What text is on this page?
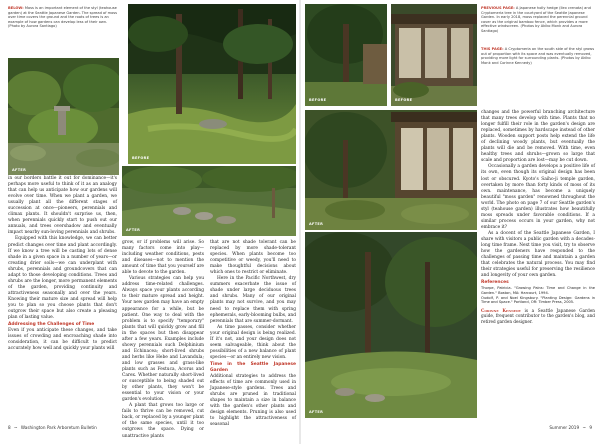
BELOW: Moss is an important element of the styl (teahouse garden) at the Seattle Japanese Garden. The spread of moss over time covers the ground and the roots of trees is an example of how gardens can develop less of their own. (Photo by Aurora Santiago)
BEFORE

in our borders battle it out for dominance—it's perhaps more useful to think of it as an analogy that can help us anticipate how our gardens will evolve over time. When we plant a garden, we usually plant all the different stages of succession at once—pioneers, perennials and climax plants. It shouldn't surprise us, then, when perennials quickly start to push out our annuals, and trees overshadow and eventually impact nearby sun-loving perennials and shrubs.

Equipped with this knowledge, we can better predict changes over time and plant accordingly. If we know a tree will be casting lots of dense shade in a given space in a number of years—or creating drier soils—we can underplant with shrubs, perennials and groundcovers that can adapt to those developing conditions. Trees and shrubs are the longer, more permanent elements of the garden, providing continuity and attractiveness seasonally and over the years. Knowing their mature size and spread will help you to plan so you choose plants that don't outgrow their space but also create a pleasing plan of lasting value.

Addressing the Challenges of Time

Even if you anticipate these changes, and take issues of crowding and encroaching shade into consideration, it can be difficult to predict accurately how well and quickly your plants will

grow, or if problems will arise. So many factors come into play—including weather conditions, pests and diseases—not to mention the amount of time that you yourself are able to devote to the garden.

Various strategies can help you address time-related challenges. Always space your plants according to their mature spread and height. Your new garden may have an empty appearance for a while, but be patient. One way to deal with the problem is to specify "temporary" plants that will quickly grow and fill in the spaces but then disappear after a few years. Examples include showy perennials such Delphinium and Echinacea; short-lived shrubs and herbs like Hebe and Lavandula; and low grasses and grass-like plants such as Festuca, Acorus and Carex. Whether naturally short-lived or susceptible to being shaded out by other plants, they won't be essential to your vision or your garden's evolution.

A plant that grows too large or fails to thrive can be removed, cut back, or replaced by a younger plant of the same species, until it too outgrows the space. Dying or unattractive plants

AFTER

that are not shade tolerant can be replaced by more shade-tolerant species. When plants become too competitive or weedy, you'll need to make thoughtful decisions about which ones to restrict or eliminate.

Here in the Pacific Northwest, dry summers exacerbate the issue of shade under large deciduous trees and shrubs. Many of our original plants may not survive, and you may need to replace them with spring ephemerals, early-blooming bulbs, and perennials that are summer-dormant.

As time passes, consider whether your original design is being realized. If it's not, and your design does not seem salvageable, think about the possibilities of a new balance of plant species—or an entirely new vision.

Time in the Seattle Japanese Garden

Additional strategies to address the effects of time are commonly used in Japanese-style gardens. Trees and shrubs are pruned in traditional shapes to maintain a size in balance with the garden's other plants and design elements. Pruning is also used to highlight the attractiveness of seasonal

8 ~ Washington Park Arboretum Bulletin
AFTER
BEFORE
PREVIOUS PAGE: A Japanese holly hedge (Ilex crenata) and Cryptomeria tree in the courtyard of the Seattle Japanese Garden. In early 2018, moss replaced the perennial ground cover as the original bamboo fence, which provides a more effective windscreen. (Photos by Akiko Monk and Aurora Santiago)
THIS PAGE: A Cryptomeria on the south side of the styl grows out of proportion with its space and was eventually removed, providing more light for surrounding plants. (Photos by Akiko Monk and Corinne Kennedy)
BEFORE
AFTER

changes and the powerful branching architecture that many trees develop with time. Plants that no longer fulfill their role in the garden's design are replaced, sometimes by hardscape instead of other plants. Wooden support posts help extend the life of declining woody plants, but eventually the plants will die and be removed. With time, even healthy trees and shrubs—grown so large that scale and proportion are lost—may be cut down.

Occasionally a garden develops a positive life of its own, even though its original design has been lost or obscured. Kyoto's Saiho-ji temple garden, overtaken by more than forty kinds of moss of its own. maintenance, has become a uniquely beautiful "moss garden" renowned throughout the world. The photo on page 7 of our Seattle garden's styl (teahouse garden) illustrates how beautifully moss spreads under favorable conditions. If a similar process occurs in your garden, why not embrace it?

As a docent of the Seattle Japanese Garden, I share with visitors a public garden with a decades-long time frame. Next time you visit, try to observe how the gardeners have responded to the challenges of passing time and maintain a garden that celebrates the natural process. You may find their strategies useful for preserving the resilience and longevity of your own garden.

References

Thorpe, Patricia. "Growing Pains: Time and Change in the Garden." Boston, MA: Harcourt, 1994.

Oudolf, P. and Noel Kingsbury. "Planting Design: Gardens in Time and Space." Portland, OR: Timber Press, 2005.

Corinne Kennedy is a Seattle Japanese Garden guide, frequent contributor to the garden's blog, and retired garden designer.

AFTER
Summer 2019 ~ 9
